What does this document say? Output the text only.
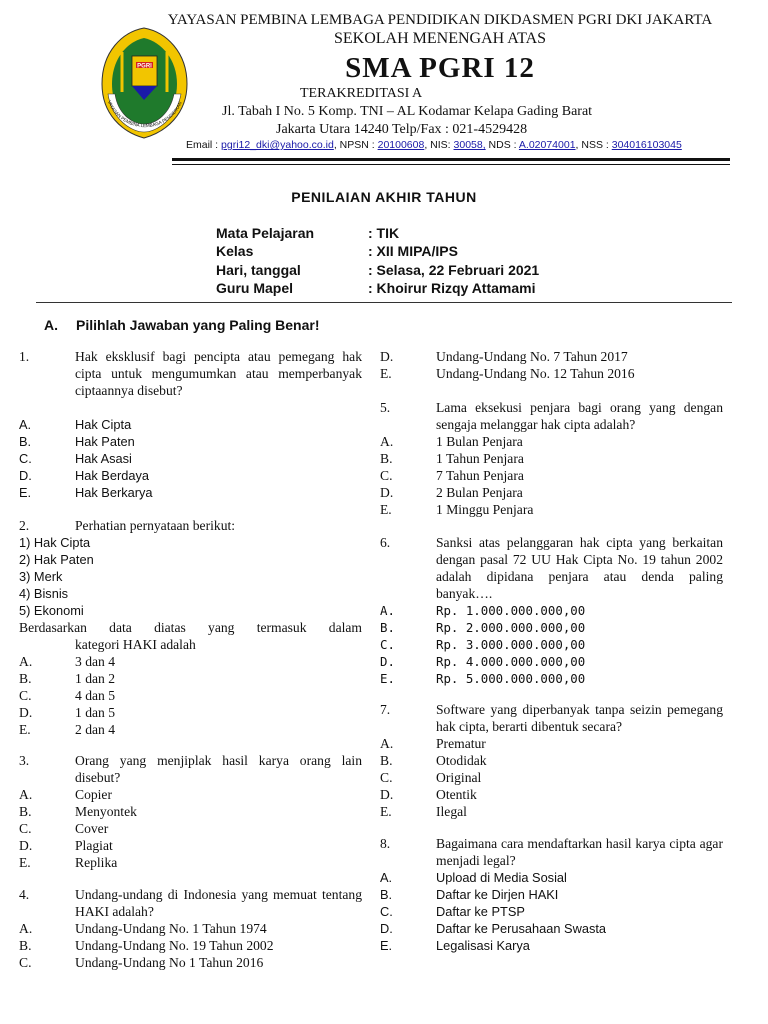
PGRI
YAYASAN PEMBINA LEMBAGA PENDIDIKAN
YAYASAN PEMBINA LEMBAGA PENDIDIKAN DIKDASMEN PGRI DKI JAKARTA
SEKOLAH MENENGAH ATAS
SMA PGRI 12
TERAKREDITASI A
Jl. Tabah I No. 5 Komp. TNI – AL Kodamar Kelapa Gading Barat
Jakarta Utara 14240 Telp/Fax : 021-4529428
Email : pgri12_dki@yahoo.co.id, NPSN : 20100608, NIS: 30058, NDS : A.02074001, NSS : 304016103045
PENILAIAN AKHIR TAHUN
Mata Pelajaran	: TIK
Kelas	: XII MIPA/IPS
Hari, tanggal	: Selasa, 22 Februari 2021
Guru Mapel	: Khoirur Rizqy Attamami
A. Pilihlah Jawaban yang Paling Benar!
1.	Hak eksklusif bagi pencipta atau pemegang hak cipta untuk mengumumkan atau memperbanyak ciptaannya disebut?
A.	Hak Cipta
B.	Hak Paten
C.	Hak Asasi
D.	Hak Berdaya
E.	Hak Berkarya
2.	Perhatian pernyataan berikut:
1) Hak Cipta
2) Hak Paten
3) Merk
4) Bisnis
5) Ekonomi
Berdasarkan data diatas yang termasuk dalam
kategori HAKI adalah
A.	3 dan 4
B.	1 dan 2
C.	4 dan 5
D.	1 dan 5
E.	2 dan 4
3.	Orang yang menjiplak hasil karya orang lain disebut?
A.	Copier
B.	Menyontek
C.	Cover
D.	Plagiat
E.	Replika
4.	Undang-undang di Indonesia yang memuat tentang HAKI adalah?
A.	Undang-Undang No. 1 Tahun 1974
B.	Undang-Undang No. 19 Tahun 2002
C.	Undang-Undang No 1 Tahun 2016
D.	Undang-Undang No. 7 Tahun 2017
E.	Undang-Undang No. 12 Tahun 2016
5.	Lama eksekusi penjara bagi orang yang dengan sengaja melanggar hak cipta adalah?
A.	1 Bulan Penjara
B.	1 Tahun Penjara
C.	7 Tahun Penjara
D.	2 Bulan Penjara
E.	1 Minggu Penjara
6.	Sanksi atas pelanggaran hak cipta yang berkaitan dengan pasal 72 UU Hak Cipta No. 19 tahun 2002 adalah dipidana penjara atau denda paling banyak….
A.	Rp. 1.000.000.000,00
B.	Rp. 2.000.000.000,00
C.	Rp. 3.000.000.000,00
D.	Rp. 4.000.000.000,00
E.	Rp. 5.000.000.000,00
7.	Software yang diperbanyak tanpa seizin pemegang hak cipta, berarti dibentuk secara?
A.	Prematur
B.	Otodidak
C.	Original
D.	Otentik
E.	Ilegal
8.	Bagaimana cara mendaftarkan hasil karya cipta agar menjadi legal?
A.	Upload di Media Sosial
B.	Daftar ke Dirjen HAKI
C.	Daftar ke PTSP
D.	Daftar ke Perusahaan Swasta
E.	Legalisasi Karya
